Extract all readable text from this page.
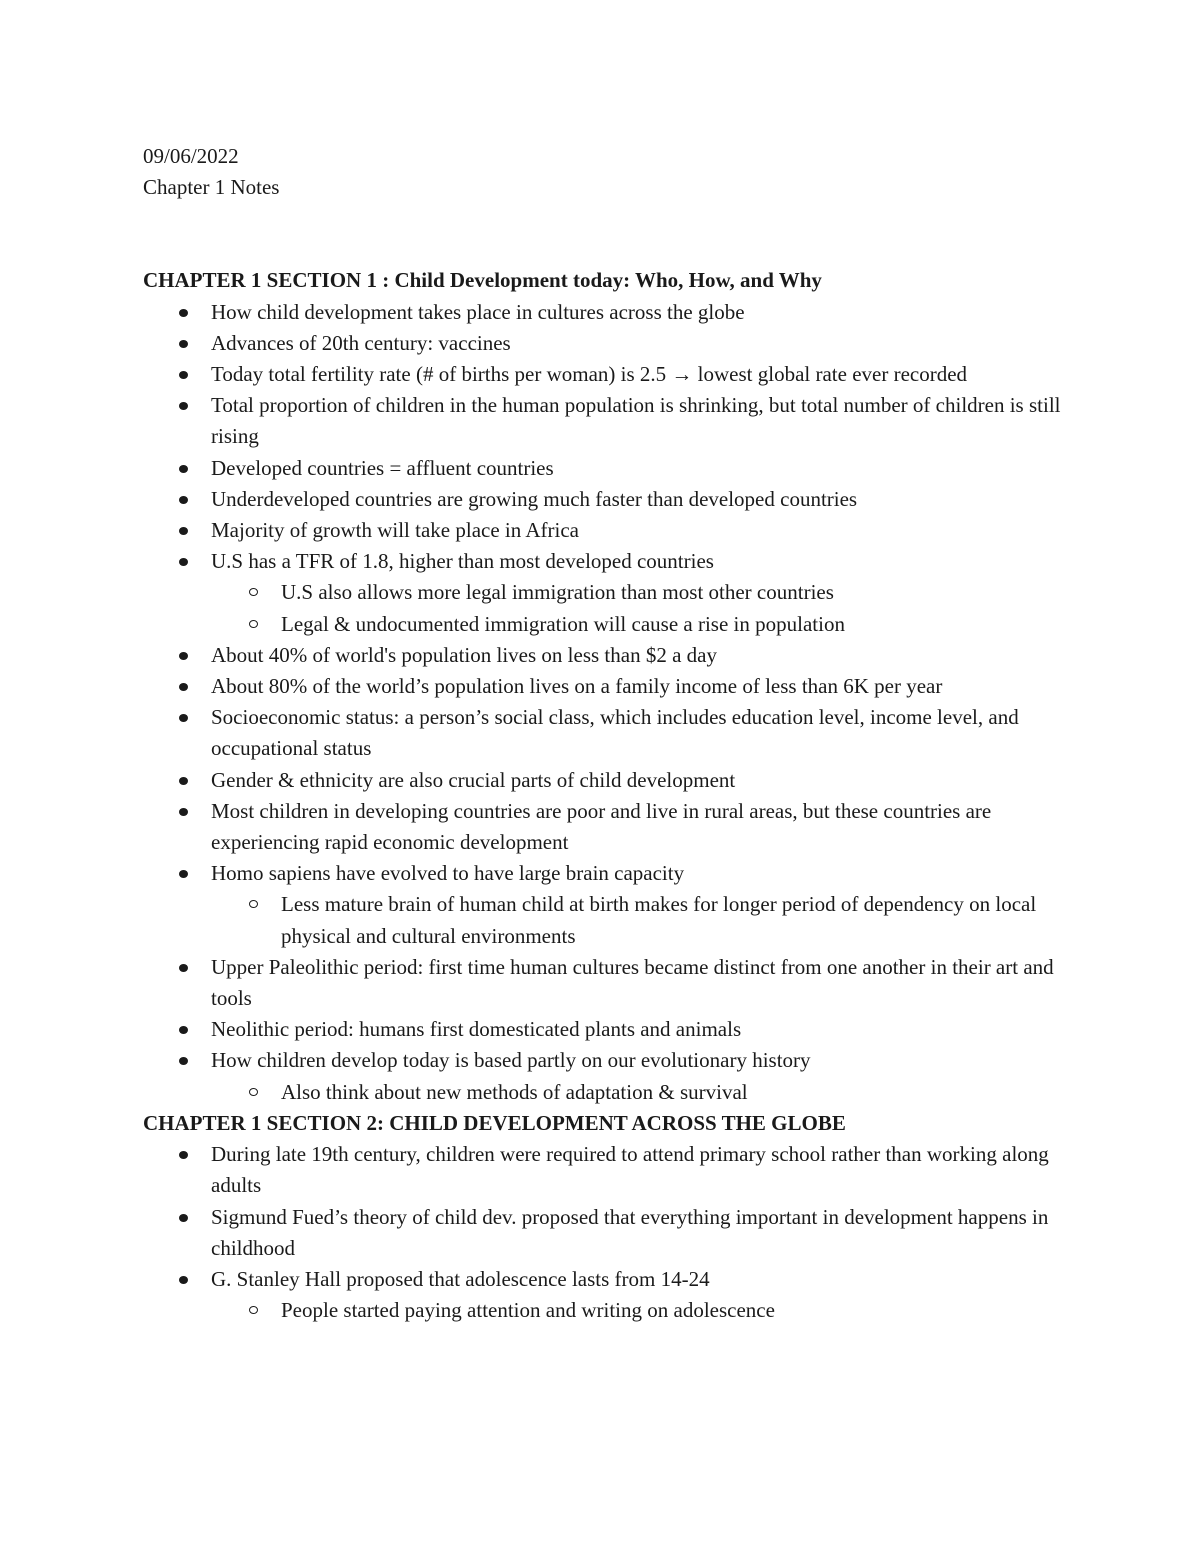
09/06/2022

Chapter 1 Notes

CHAPTER 1 SECTION 1 : Child Development today: Who, How, and Why

How child development takes place in cultures across the globe
Advances of 20th century: vaccines
Today total fertility rate (# of births per woman) is 2.5 → lowest global rate ever recorded
Total proportion of children in the human population is shrinking, but total number of children is still rising
Developed countries = affluent countries
Underdeveloped countries are growing much faster than developed countries
Majority of growth will take place in Africa
U.S has a TFR of 1.8, higher than most developed countries
U.S also allows more legal immigration than most other countries
Legal & undocumented immigration will cause a rise in population
About 40% of world's population lives on less than $2 a day
About 80% of the world’s population lives on a family income of less than 6K per year
Socioeconomic status: a person’s social class, which includes education level, income level, and occupational status
Gender & ethnicity are also crucial parts of child development
Most children in developing countries are poor and live in rural areas, but these countries are experiencing rapid economic development
Homo sapiens have evolved to have large brain capacity
Less mature brain of human child at birth makes for longer period of dependency on local physical and cultural environments
Upper Paleolithic period: first time human cultures became distinct from one another in their art and tools
Neolithic period: humans first domesticated plants and animals
How children develop today is based partly on our evolutionary history
Also think about new methods of adaptation & survival

CHAPTER 1 SECTION 2: CHILD DEVELOPMENT ACROSS THE GLOBE

During late 19th century, children were required to attend primary school rather than working along adults
Sigmund Fued’s theory of child dev. proposed that everything important in development happens in childhood
G. Stanley Hall proposed that adolescence lasts from 14-24
People started paying attention and writing on adolescence
